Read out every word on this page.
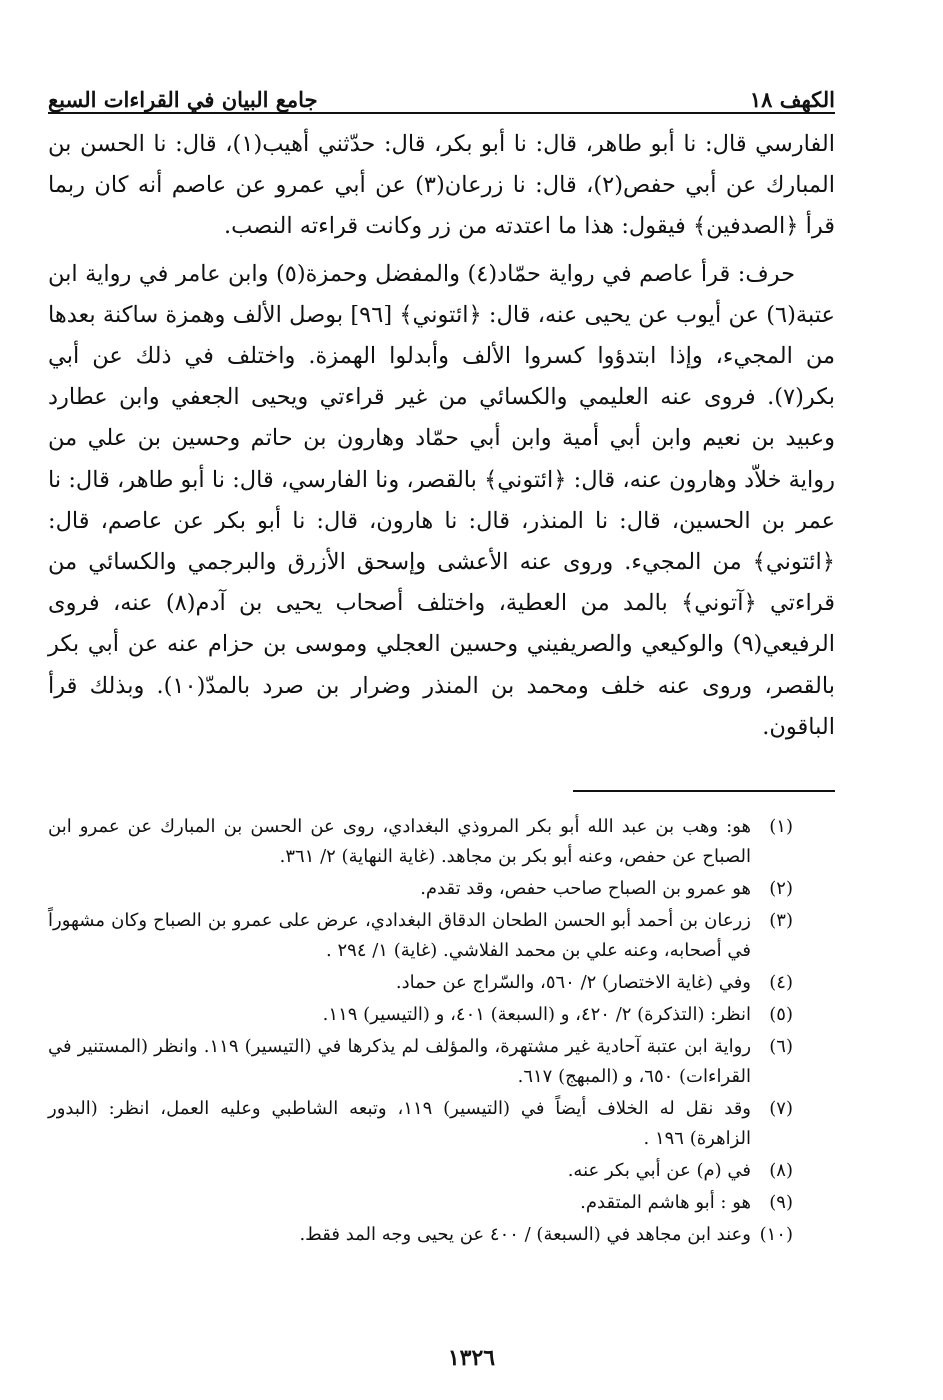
الكهف ١٨
جامع البيان في القراءات السبع

الفارسي قال: نا أبو طاهر، قال: نا أبو بكر، قال: حدّثني أهيب(١)، قال: نا الحسن بن المبارك عن أبي حفص(٢)، قال: نا زرعان(٣) عن أبي عمرو عن عاصم أنه كان ربما قرأ ﴿الصدفين﴾ فيقول: هذا ما اعتدته من زر وكانت قراءته النصب.

حرف: قرأ عاصم في رواية حمّاد(٤) والمفضل وحمزة(٥) وابن عامر في رواية ابن عتبة(٦) عن أيوب عن يحيى عنه، قال: ﴿ائتوني﴾ [٩٦] بوصل الألف وهمزة ساكنة بعدها من المجيء، وإذا ابتدؤوا كسروا الألف وأبدلوا الهمزة. واختلف في ذلك عن أبي بكر(٧). فروى عنه العليمي والكسائي من غير قراءتي ويحيى الجعفي وابن عطارد وعبيد بن نعيم وابن أبي أمية وابن أبي حمّاد وهارون بن حاتم وحسين بن علي من رواية خلاّد وهارون عنه، قال: ﴿ائتوني﴾ بالقصر، ونا الفارسي، قال: نا أبو طاهر، قال: نا عمر بن الحسين، قال: نا المنذر، قال: نا هارون، قال: نا أبو بكر عن عاصم، قال: ﴿ائتوني﴾ من المجيء. وروى عنه الأعشى وإسحق الأزرق والبرجمي والكسائي من قراءتي ﴿آتوني﴾ بالمد من العطية، واختلف أصحاب يحيى بن آدم(٨) عنه، فروى الرفيعي(٩) والوكيعي والصريفيني وحسين العجلي وموسى بن حزام عنه عن أبي بكر بالقصر، وروى عنه خلف ومحمد بن المنذر وضرار بن صرد بالمدّ(١٠). وبذلك قرأ الباقون.

(١)
هو: وهب بن عبد الله أبو بكر المروذي البغدادي، روى عن الحسن بن المبارك عن عمرو ابن الصباح عن حفص، وعنه أبو بكر بن مجاهد. (غاية النهاية) ٢/ ٣٦١.
(٢)
هو عمرو بن الصباح صاحب حفص، وقد تقدم.
(٣)
زرعان بن أحمد أبو الحسن الطحان الدقاق البغدادي، عرض على عمرو بن الصباح وكان مشهوراً في أصحابه، وعنه علي بن محمد الفلاشي. (غاية) ١/ ٢٩٤ .
(٤)
وفي (غاية الاختصار) ٢/ ٥٦٠، والسّراج عن حماد.
(٥)
انظر: (التذكرة) ٢/ ٤٢٠، و (السبعة) ٤٠١، و (التيسير) ١١٩.
(٦)
رواية ابن عتبة آحادية غير مشتهرة، والمؤلف لم يذكرها في (التيسير) ١١٩. وانظر (المستنير في القراءات) ٦٥٠، و (المبهج) ٦١٧.
(٧)
وقد نقل له الخلاف أيضاً في (التيسير) ١١٩، وتبعه الشاطبي وعليه العمل، انظر: (البدور الزاهرة) ١٩٦ .
(٨)
في (م) عن أبي بكر عنه.
(٩)
هو : أبو هاشم المتقدم.
(١٠)
وعند ابن مجاهد في (السبعة) / ٤٠٠ عن يحيى وجه المد فقط.
١٣٢٦
